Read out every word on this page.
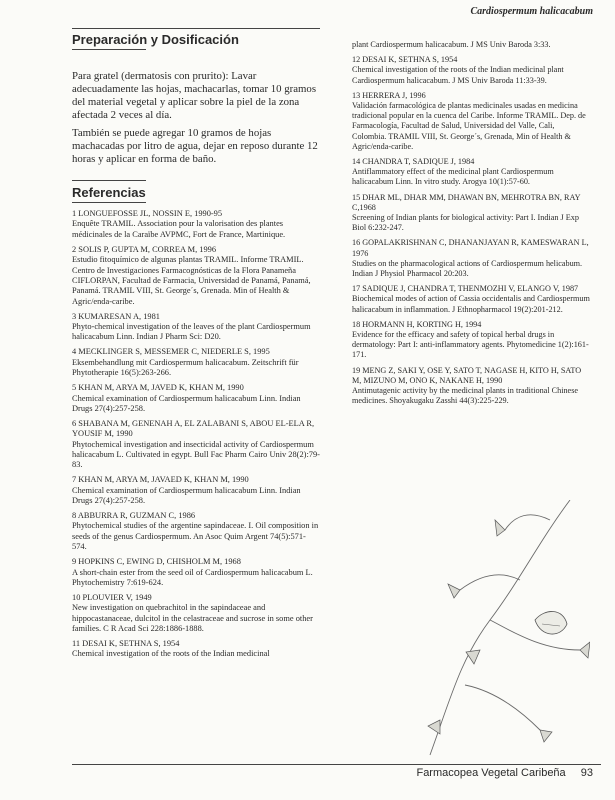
Cardiospermum halicacabum
Preparación y Dosificación

Para gratel (dermatosis con prurito): Lavar adecuadamente las hojas, machacarlas, tomar 10 gramos del material vegetal y aplicar sobre la piel de la zona afectada 2 veces al día.

También se puede agregar 10 gramos de hojas machacadas por litro de agua, dejar en reposo durante 12 horas y aplicar en forma de baño.

Referencias
1 LONGUEFOSSE JL, NOSSIN E, 1990-95
Enquête TRAMIL. Association pour la valorisation des plantes médicinales de la Caraïbe AVPMC, Fort de France, Martinique.
2 SOLIS P, GUPTA M, CORREA M, 1996
Estudio fitoquímico de algunas plantas TRAMIL. Informe TRAMIL. Centro de Investigaciones Farmacognósticas de la Flora Panameña CIFLORPAN, Facultad de Farmacia, Universidad de Panamá, Panamá, Panamá. TRAMIL VIII, St. George´s, Grenada. Min of Health & Agric/enda-caribe.
3 KUMARESAN A, 1981
Phyto-chemical investigation of the leaves of the plant Cardiospermum halicacabum Linn. Indian J Pharm Sci: D20.
4 MECKLINGER S, MESSEMER C, NIEDERLE S, 1995
Eksembehandlung mit Cardiospermum halicacabum. Zeitschrift für Phytotherapie 16(5):263-266.
5 KHAN M, ARYA M, JAVED K, KHAN M, 1990
Chemical examination of Cardiospermum halicacabum Linn. Indian Drugs 27(4):257-258.
6 SHABANA M, GENENAH A, EL ZALABANI S, ABOU EL-ELA R, YOUSIF M, 1990
Phytochemical investigation and insecticidal activity of Cardiospermum halicacabum L. Cultivated in egypt. Bull Fac Pharm Cairo Univ 28(2):79-83.
7 KHAN M, ARYA M, JAVAED K, KHAN M, 1990
Chemical examination of Cardiospermum halicacabum Linn. Indian Drugs 27(4):257-258.
8 ABBURRA R, GUZMAN C, 1986
Phytochemical studies of the argentine sapindaceae. I. Oil composition in seeds of the genus Cardiospermum. An Asoc Quim Argent 74(5):571-574.
9 HOPKINS C, EWING D, CHISHOLM M, 1968
A short-chain ester from the seed oil of Cardiospermum halicacabum L. Phytochemistry 7:619-624.
10 PLOUVIER V, 1949
New investigation on quebrachitol in the sapindaceae and hippocastanaceae, dulcitol in the celastraceae and sucrose in some other families. C R Acad Sci 228:1886-1888.
11 DESAI K, SETHNA S, 1954
Chemical investigation of the roots of the Indian medicinal
plant Cardiospermum halicacabum. J MS Univ Baroda 3:33.
12 DESAI K, SETHNA S, 1954
Chemical investigation of the roots of the Indian medicinal plant Cardiospermum halicacabum. J MS Univ Baroda 11:33-39.
13 HERRERA J, 1996
Validación farmacológica de plantas medicinales usadas en medicina tradicional popular en la cuenca del Caribe. Informe TRAMIL. Dep. de Farmacología, Facultad de Salud, Universidad del Valle, Cali, Colombia. TRAMIL VIII, St. George´s, Grenada, Min of Health & Agric/enda-caribe.
14 CHANDRA T, SADIQUE J, 1984
Antiflammatory effect of the medicinal plant Cardiospermum halicacabum Linn. In vitro study. Arogya 10(1):57-60.
15 DHAR ML, DHAR MM, DHAWAN BN, MEHROTRA BN, RAY C,1968
Screening of Indian plants for biological activity: Part I. Indian J Exp Biol 6:232-247.
16 GOPALAKRISHNAN C, DHANANJAYAN R, KAMESWARAN L, 1976
Studies on the pharmacological actions of Cardiospermum helicabum. Indian J Physiol Pharmacol 20:203.
17 SADIQUE J, CHANDRA T, THENMOZHI V, ELANGO V, 1987
Biochemical modes of action of Cassia occidentalis and Cardiospermum halicacabum in inflammation. J Ethnopharmacol 19(2):201-212.
18 HORMANN H, KORTING H, 1994
Evidence for the efficacy and safety of topical herbal drugs in dermatology: Part I: anti-inflammatory agents. Phytomedicine 1(2):161-171.
19 MENG Z, SAKI Y, OSE Y, SATO T, NAGASE H, KITO H, SATO M, MIZUNO M, ONO K, NAKANE H, 1990
Antimutagenic activity by the medicinal plants in traditional Chinese medicines. Shoyakugaku Zasshi 44(3):225-229.
Farmacopea Vegetal Caribeña 93
